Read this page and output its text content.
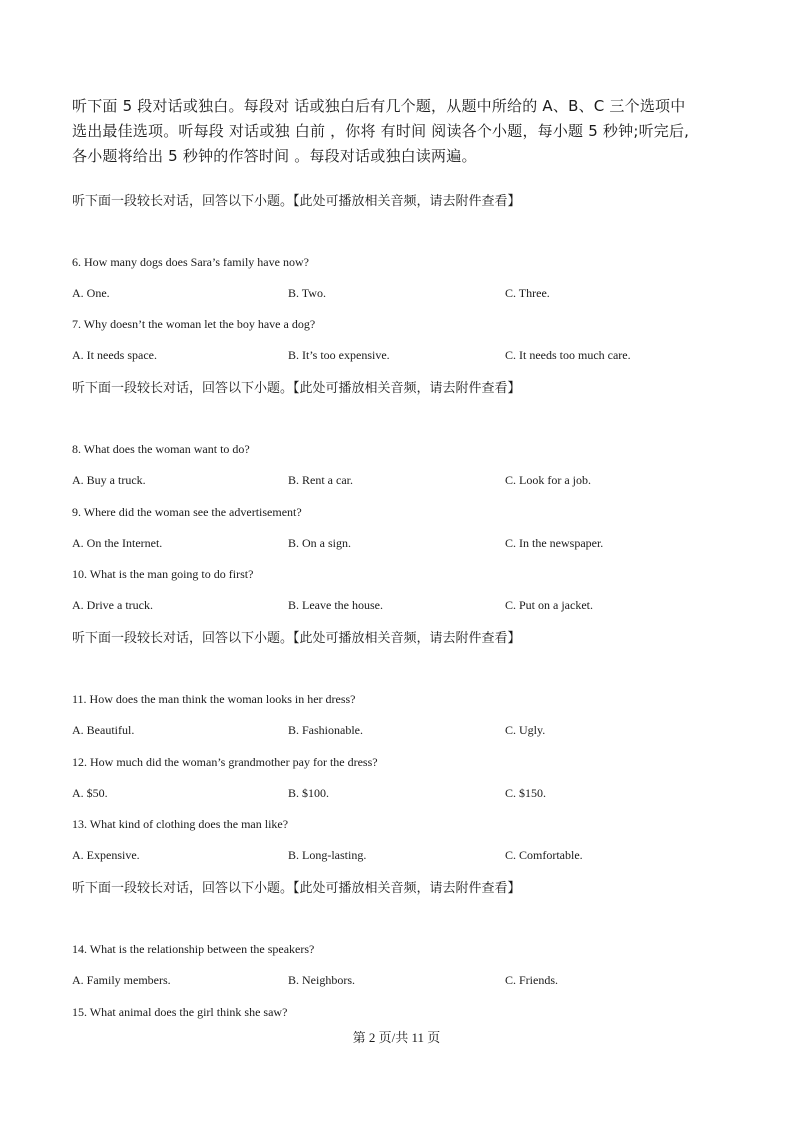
听下面 5 段对话或独白。每段对 话或独白后有几个题，从题中所给的 A、B、C 三个选项中
选出最佳选项。听每段 对话或独 白前 ，你将 有时间 阅读各个小题，每小题 5 秒钟;听完后,
各小题将给出 5 秒钟的作答时间 。每段对话或独白读两遍。
听下面一段较长对话，回答以下小题。【此处可播放相关音频，请去附件查看】
6. How many dogs does Sara’s family have now?
A. One.	B. Two.	C. Three.
7. Why doesn’t the woman let the boy have a dog?
A. It needs space.	B. It’s too expensive.	C. It needs too much care.
听下面一段较长对话，回答以下小题。【此处可播放相关音频，请去附件查看】
8. What does the woman want to do?
A. Buy a truck.	B. Rent a car.	C. Look for a job.
9. Where did the woman see the advertisement?
A. On the Internet.	B. On a sign.	C. In the newspaper.
10. What is the man going to do first?
A. Drive a truck.	B. Leave the house.	C. Put on a jacket.
听下面一段较长对话，回答以下小题。【此处可播放相关音频，请去附件查看】
11. How does the man think the woman looks in her dress?
A. Beautiful.	B. Fashionable.	C. Ugly.
12. How much did the woman’s grandmother pay for the dress?
A. $50.	B. $100.	C. $150.
13. What kind of clothing does the man like?
A. Expensive.	B. Long-lasting.	C. Comfortable.
听下面一段较长对话，回答以下小题。【此处可播放相关音频，请去附件查看】
14. What is the relationship between the speakers?
A. Family members.	B. Neighbors.	C. Friends.
15. What animal does the girl think she saw?
第 2 页/共 11 页
